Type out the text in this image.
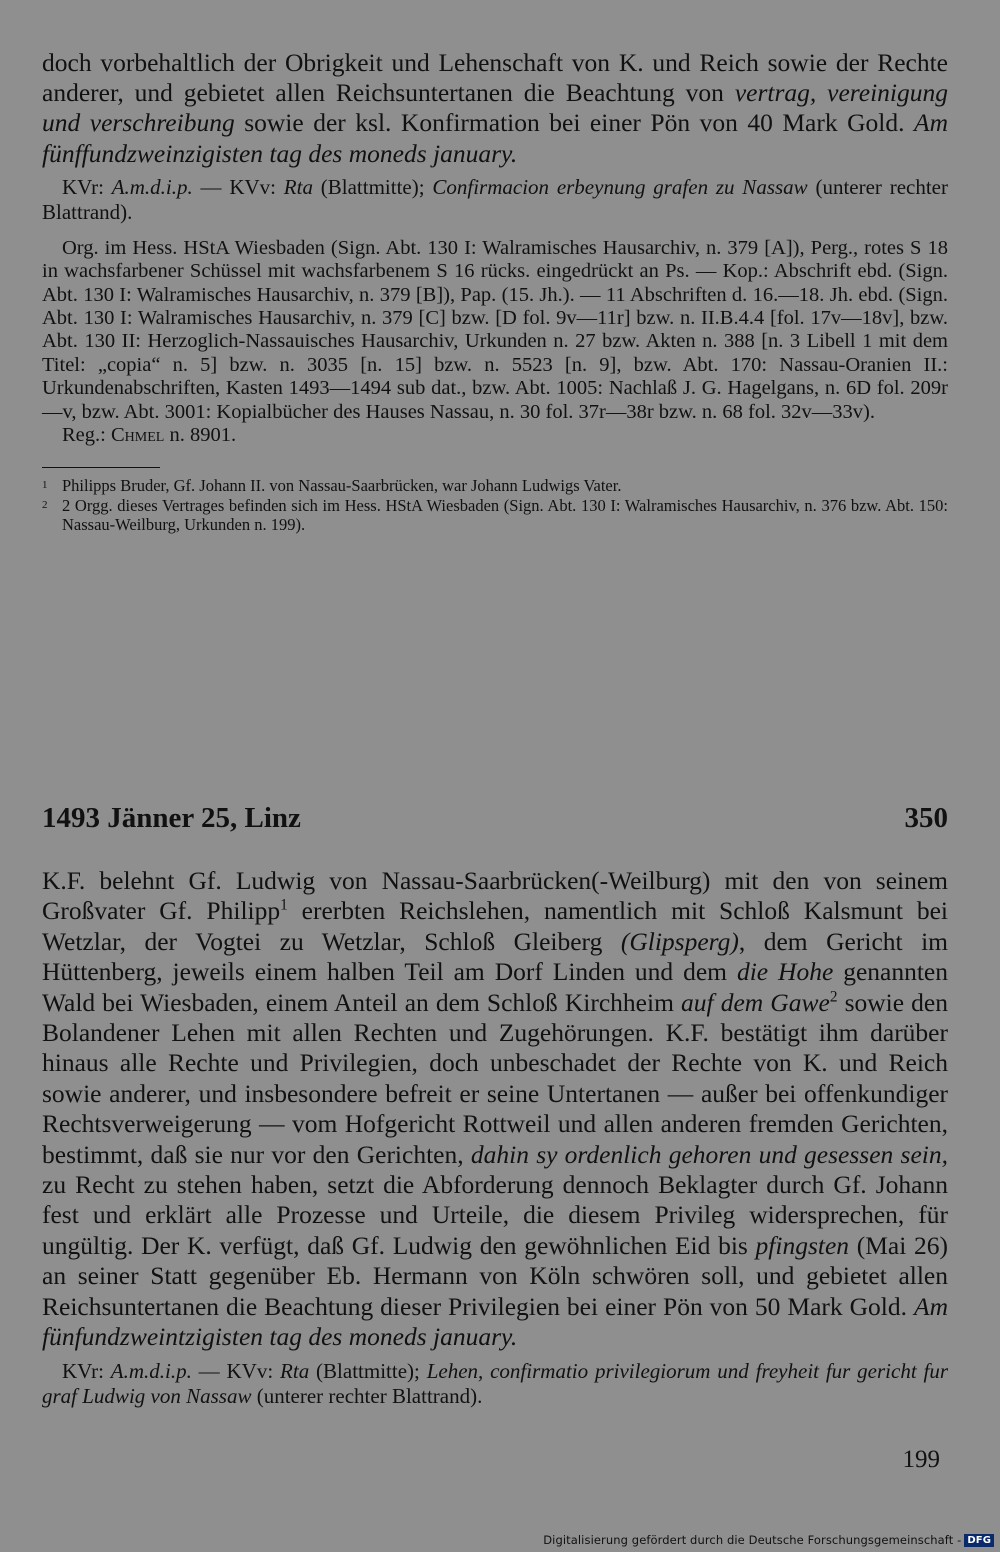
doch vorbehaltlich der Obrigkeit und Lehenschaft von K. und Reich sowie der Rechte anderer, und gebietet allen Reichsuntertanen die Beachtung von vertrag, vereinigung und verschreibung sowie der ksl. Konfirmation bei einer Pön von 40 Mark Gold. Am fünffundzweinzigisten tag des moneds january.

KVr: A.m.d.i.p. — KVv: Rta (Blattmitte); Confirmacion erbeynung grafen zu Nassaw (unterer rechter Blattrand).

Org. im Hess. HStA Wiesbaden (Sign. Abt. 130 I: Walramisches Hausarchiv, n. 379 [A]), Perg., rotes S 18 in wachsfarbener Schüssel mit wachsfarbenem S 16 rücks. eingedrückt an Ps. — Kop.: Abschrift ebd. (Sign. Abt. 130 I: Walramisches Hausarchiv, n. 379 [B]), Pap. (15. Jh.). — 11 Abschriften d. 16.—18. Jh. ebd. (Sign. Abt. 130 I: Walramisches Hausarchiv, n. 379 [C] bzw. [D fol. 9v—11r] bzw. n. II.B.4.4 [fol. 17v—18v], bzw. Abt. 130 II: Herzoglich-Nassauisches Hausarchiv, Urkunden n. 27 bzw. Akten n. 388 [n. 3 Libell 1 mit dem Titel: „copia“ n. 5] bzw. n. 3035 [n. 15] bzw. n. 5523 [n. 9], bzw. Abt. 170: Nassau-Oranien II.: Urkundenabschriften, Kasten 1493—1494 sub dat., bzw. Abt. 1005: Nachlaß J. G. Hagelgans, n. 6D fol. 209r—v, bzw. Abt. 3001: Kopialbücher des Hauses Nassau, n. 30 fol. 37r—38r bzw. n. 68 fol. 32v—33v).

Reg.: Chmel n. 8901.

1 Philipps Bruder, Gf. Johann II. von Nassau-Saarbrücken, war Johann Ludwigs Vater.

2 2 Orgg. dieses Vertrages befinden sich im Hess. HStA Wiesbaden (Sign. Abt. 130 I: Walramisches Hausarchiv, n. 376 bzw. Abt. 150: Nassau-Weilburg, Urkunden n. 199).

1493 Jänner 25, Linz	350

K.F. belehnt Gf. Ludwig von Nassau-Saarbrücken(-Weilburg) mit den von seinem Großvater Gf. Philipp$^1$ ererbten Reichslehen, namentlich mit Schloß Kalsmunt bei Wetzlar, der Vogtei zu Wetzlar, Schloß Gleiberg (Glipsperg), dem Gericht im Hüttenberg, jeweils einem halben Teil am Dorf Linden und dem die Hohe genannten Wald bei Wiesbaden, einem Anteil an dem Schloß Kirchheim auf dem Gawe$^2$ sowie den Bolandener Lehen mit allen Rechten und Zugehörungen. K.F. bestätigt ihm darüber hinaus alle Rechte und Privilegien, doch unbeschadet der Rechte von K. und Reich sowie anderer, und insbesondere befreit er seine Untertanen — außer bei offenkundiger Rechtsverweigerung — vom Hofgericht Rottweil und allen anderen fremden Gerichten, bestimmt, daß sie nur vor den Gerichten, dahin sy ordenlich gehoren und gesessen sein, zu Recht zu stehen haben, setzt die Abforderung dennoch Beklagter durch Gf. Johann fest und erklärt alle Prozesse und Urteile, die diesem Privileg widersprechen, für ungültig. Der K. verfügt, daß Gf. Ludwig den gewöhnlichen Eid bis pfingsten (Mai 26) an seiner Statt gegenüber Eb. Hermann von Köln schwören soll, und gebietet allen Reichsuntertanen die Beachtung dieser Privilegien bei einer Pön von 50 Mark Gold. Am fünfundzweintzigisten tag des moneds january.

KVr: A.m.d.i.p. — KVv: Rta (Blattmitte); Lehen, confirmatio privilegiorum und freyheit fur gericht fur graf Ludwig von Nassaw (unterer rechter Blattrand).

199
Digitalisierung gefördert durch die Deutsche Forschungsgemeinschaft - DFG
